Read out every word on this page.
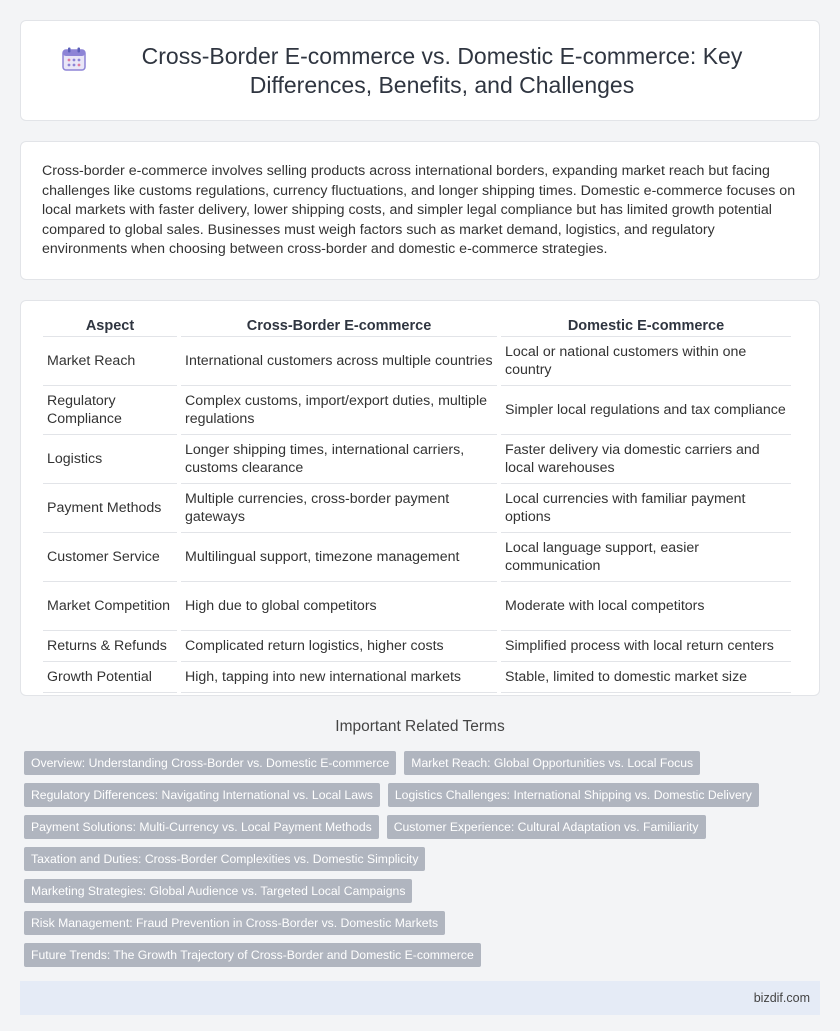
Cross-Border E-commerce vs. Domestic E-commerce: Key Differences, Benefits, and Challenges

Cross-border e-commerce involves selling products across international borders, expanding market reach but facing challenges like customs regulations, currency fluctuations, and longer shipping times. Domestic e-commerce focuses on local markets with faster delivery, lower shipping costs, and simpler legal compliance but has limited growth potential compared to global sales. Businesses must weigh factors such as market demand, logistics, and regulatory environments when choosing between cross-border and domestic e-commerce strategies.

Aspect	Cross-Border E-commerce	Domestic E-commerce
Market Reach	International customers across multiple countries	Local or national customers within one country
Regulatory Compliance	Complex customs, import/export duties, multiple regulations	Simpler local regulations and tax compliance
Logistics	Longer shipping times, international carriers, customs clearance	Faster delivery via domestic carriers and local warehouses
Payment Methods	Multiple currencies, cross-border payment gateways	Local currencies with familiar payment options
Customer Service	Multilingual support, timezone management	Local language support, easier communication
Market Competition	High due to global competitors	Moderate with local competitors
Returns & Refunds	Complicated return logistics, higher costs	Simplified process with local return centers
Growth Potential	High, tapping into new international markets	Stable, limited to domestic market size
Important Related Terms
Overview: Understanding Cross-Border vs. Domestic E-commerce	Market Reach: Global Opportunities vs. Local Focus
Regulatory Differences: Navigating International vs. Local Laws	Logistics Challenges: International Shipping vs. Domestic Delivery
Payment Solutions: Multi-Currency vs. Local Payment Methods	Customer Experience: Cultural Adaptation vs. Familiarity
Taxation and Duties: Cross-Border Complexities vs. Domestic Simplicity
Marketing Strategies: Global Audience vs. Targeted Local Campaigns
Risk Management: Fraud Prevention in Cross-Border vs. Domestic Markets
Future Trends: The Growth Trajectory of Cross-Border and Domestic E-commerce
bizdif.com
